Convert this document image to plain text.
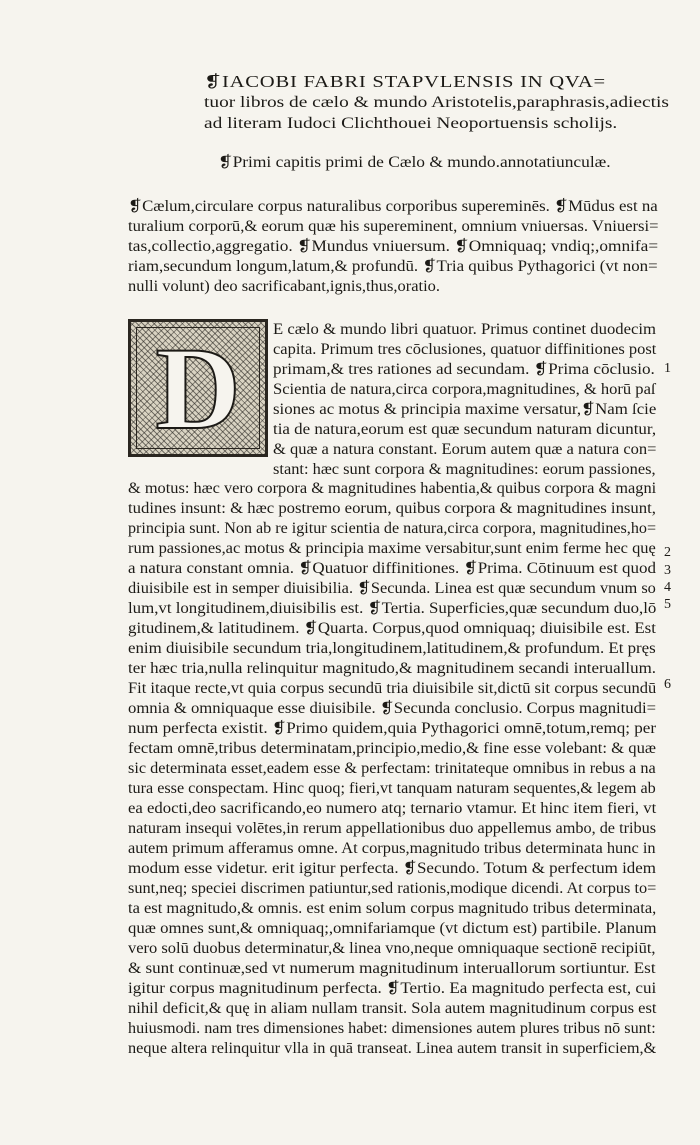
❡IACOBI FABRI STAPVLENSIS IN QVA=
tuor libros de cælo & mundo Aristotelis,paraphrasis,adiectis
ad literam Iudoci Clichthouei Neoportuensis scholijs.
❡Primi capitis primi de Cælo & mundo.annotatiunculæ.
❡Cælum,circulare corpus naturalibus corporibus supereminēs. ❡Mūdus est na
turalium corporū,& eorum quæ his supereminent, omnium vniuersas. Vniuersi=
tas,collectio,aggregatio. ❡Mundus vniuersum. ❡Omniquaq; vndiq;,omnifa=
riam,secundum longum,latum,& profundū. ❡Tria quibus Pythagorici (vt non=
nulli volunt) deo sacrificabant,ignis,thus,oratio.
D	E cælo & mundo libri quatuor. Primus continet duodecim
capita. Primum tres cōclusiones, quatuor diffinitiones post
primam,& tres rationes ad secundam. ❡Prima cōclusio.
Scientia de natura,circa corpora,magnitudines, & horū paſ
siones ac motus & principia maxime versatur,❡Nam ſcie
tia de natura,eorum est quæ secundum naturam dicuntur,
& quæ a natura constant. Eorum autem quæ a natura con=
stant: hæc sunt corpora & magnitudines: eorum passiones,
& motus: hæc vero corpora & magnitudines habentia,& quibus corpora & magni
tudines insunt: & hæc postremo eorum, quibus corpora & magnitudines insunt,
principia sunt. Non ab re igitur scientia de natura,circa corpora, magnitudines,ho=
rum passiones,ac motus & principia maxime versabitur,sunt enim ferme hec quę
a natura constant omnia. ❡Quatuor diffinitiones. ❡Prima. Cōtinuum est quod
diuisibile est in semper diuisibilia. ❡Secunda. Linea est quæ secundum vnum so
lum,vt longitudinem,diuisibilis est. ❡Tertia. Superficies,quæ secundum duo,lō
gitudinem,& latitudinem. ❡Quarta. Corpus,quod omniquaq; diuisibile est. Est
enim diuisibile secundum tria,longitudinem,latitudinem,& profundum. Et pręs
ter hæc tria,nulla relinquitur magnitudo,& magnitudinem secandi interuallum.
Fit itaque recte,vt quia corpus secundū tria diuisibile sit,dictū sit corpus secundū
omnia & omniquaque esse diuisibile. ❡Secunda conclusio. Corpus magnitudi=
num perfecta existit. ❡Primo quidem,quia Pythagorici omnē,totum,remq; per
fectam omnē,tribus determinatam,principio,medio,& fine esse volebant: & quæ
sic determinata esset,eadem esse & perfectam: trinitateque omnibus in rebus a na
tura esse conspectam. Hinc quoq; fieri,vt tanquam naturam sequentes,& legem ab
ea edocti,deo sacrificando,eo numero atq; ternario vtamur. Et hinc item fieri, vt
naturam insequi volētes,in rerum appellationibus duo appellemus ambo, de tribus
autem primum afferamus omne. At corpus,magnitudo tribus determinata hunc in
modum esse videtur. erit igitur perfecta. ❡Secundo. Totum & perfectum idem
sunt,neq; speciei discrimen patiuntur,sed rationis,modique dicendi. At corpus to=
ta est magnitudo,& omnis. est enim solum corpus magnitudo tribus determinata,
quæ omnes sunt,& omniquaq;,omnifariamque (vt dictum est) partibile. Planum
vero solū duobus determinatur,& linea vno,neque omniquaque sectionē recipiūt,
& sunt continuæ,sed vt numerum magnitudinum interuallorum sortiuntur. Est
igitur corpus magnitudinum perfecta. ❡Tertio. Ea magnitudo perfecta est, cui
nihil deficit,& quę in aliam nullam transit. Sola autem magnitudinum corpus est
huiusmodi. nam tres dimensiones habet: dimensiones autem plures tribus nō sunt:
neque altera relinquitur vlla in quā transeat. Linea autem transit in superficiem,&
1
2
3
4
5
6
